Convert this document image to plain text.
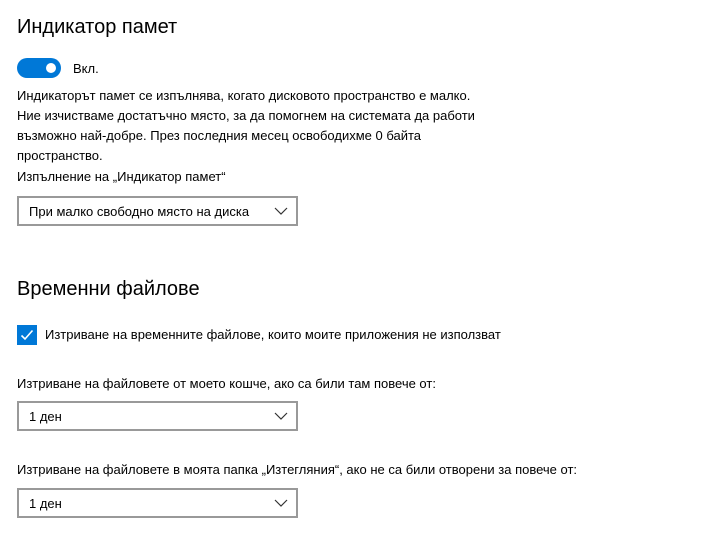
Индикатор памет
Вкл.

Индикаторът памет се изпълнява, когато дисковото пространство е малко. Ние изчистваме достатъчно място, за да помогнем на системата да работи възможно най-добре. През последния месец освободихме 0 байта пространство.

Изпълнение на „Индикатор памет“
При малко свободно място на диска
Временни файлове
Изтриване на временните файлове, които моите приложения не използват
Изтриване на файловете от моето кошче, ако са били там повече от:
1 ден
Изтриване на файловете в моята папка „Изтегляния“, ако не са били отворени за повече от:
1 ден
